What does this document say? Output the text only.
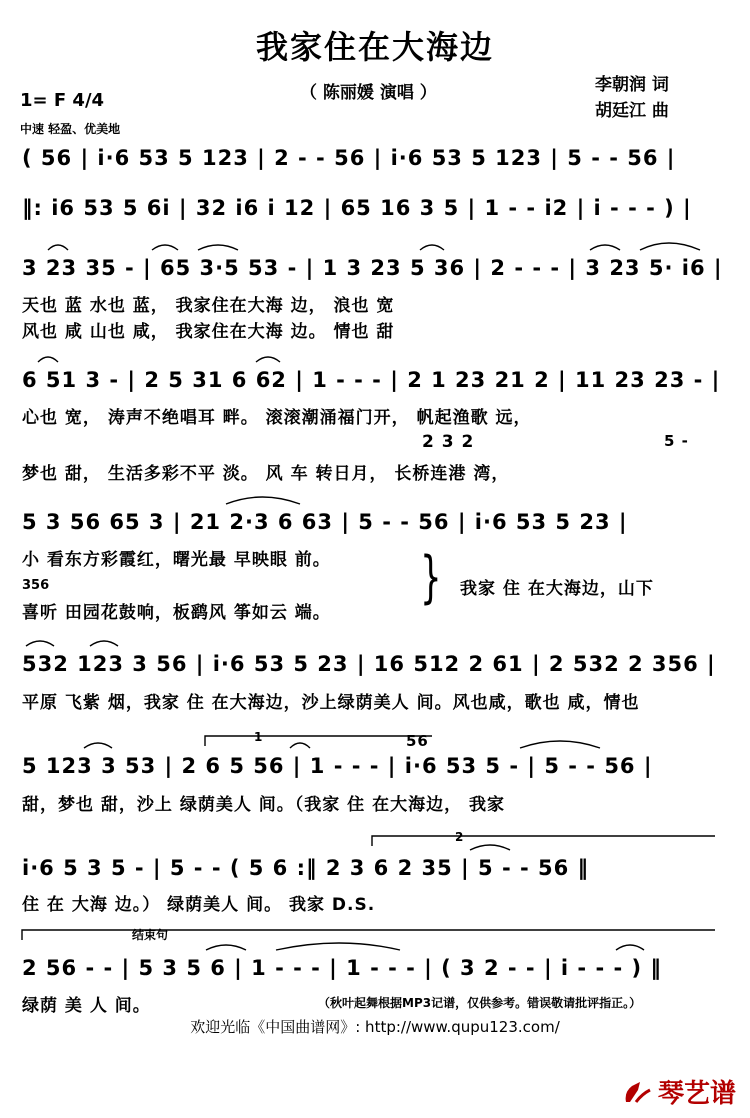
我家住在大海边
（ 陈丽媛 演唱 ）	李朝润 词
胡廷江 曲
1= F 4/4
中速 轻盈、优美地
( 56 | i·6 53 5 123 | 2 - - 56 | i·6 53 5 123 | 5 - - 56 |
‖: i6 53 5 6i | 32 i6 i 12 | 65 16 3 5 | 1 - - i2 | i - - - ) |
3 23 35 - | 65 3·5 53 - | 1 3 23 5 36 | 2 - - - | 3 23 5· i6 |
天也 蓝 水也 蓝， 我家住在大海 边， 浪也 宽
风也 咸 山也 咸， 我家住在大海 边。 情也 甜
6 51 3 - | 2 5 31 6 62 | 1 - - - | 2 1 23 21 2 | 11 23 23 - |
心也 宽， 涛声不绝唱耳 畔。 滚滚潮涌福门开， 帆起渔歌 远，
2 3 2	5 -
梦也 甜， 生活多彩不平 淡。 风 车 转日月， 长桥连港 湾，
5 3 56 65 3 | 21 2·3 6 63 | 5 - - 56 | i·6 53 5 23 |
小 看东方彩霞红，曙光最 早映眼 前。
356
喜听 田园花鼓响，板鹞风 筝如云 端。
} 我家 住 在大海边，山下
532 123 3 56 | i·6 53 5 23 | 16 512 2 61 | 2 532 2 356 |
平原 飞紫 烟，我家 住 在大海边，沙上绿荫美人 间。风也咸，歌也 咸，情也
1	56
5 123 3 53 | 2 6 5 56 | 1 - - - | i·6 53 5 - | 5 - - 56 |
甜，梦也 甜，沙上 绿荫美人 间。（我家 住 在大海边， 我家
2
i·6 5 3 5 - | 5 - - ( 5 6 :‖ 2 3 6 2 35 | 5 - - 56 ‖
住 在 大海 边。） 绿荫美人 间。 我家 D.S.
结束句
2 56 - - | 5 3 5 6 | 1 - - - | 1 - - - | ( 3 2 - - | i - - - ) ‖
绿荫 美 人 间。	（秋叶起舞根据MP3记谱，仅供参考。错误敬请批评指正。）
欢迎光临《中国曲谱网》: http://www.qupu123.com/
琴艺谱
